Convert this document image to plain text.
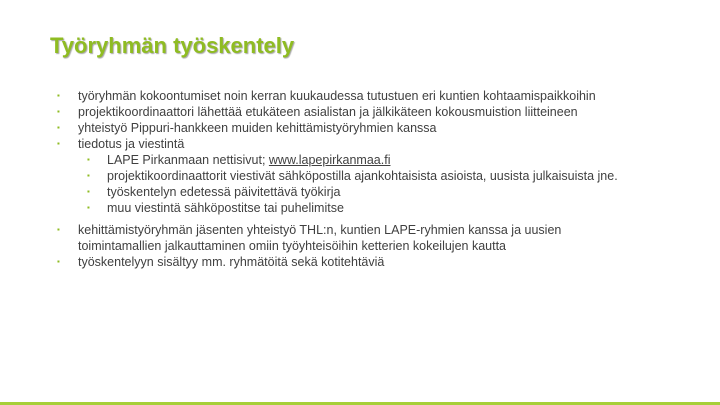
Työryhmän työskentely
▪ työryhmän kokoontumiset noin kerran kuukaudessa tutustuen eri kuntien kohtaamispaikkoihin
▪ projektikoordinaattori lähettää etukäteen asialistan ja jälkikäteen kokousmuistion liitteineen
▪ yhteistyö Pippuri-hankkeen muiden kehittämistyöryhmien kanssa
▪ tiedotus ja viestintä
▪ LAPE Pirkanmaan nettisivut; www.lapepirkanmaa.fi
▪ projektikoordinaattorit viestivät sähköpostilla ajankohtaisista asioista, uusista julkaisuista jne.
▪ työskentelyn edetessä päivitettävä työkirja
▪ muu viestintä sähköpostitse tai puhelimitse
▪ kehittämistyöryhmän jäsenten yhteistyö THL:n, kuntien LAPE-ryhmien kanssa ja uusien toimintamallien jalkauttaminen omiin työyhteisöihin ketterien kokeilujen kautta
▪ työskentelyyn sisältyy mm. ryhmätöitä sekä kotitehtäviä
